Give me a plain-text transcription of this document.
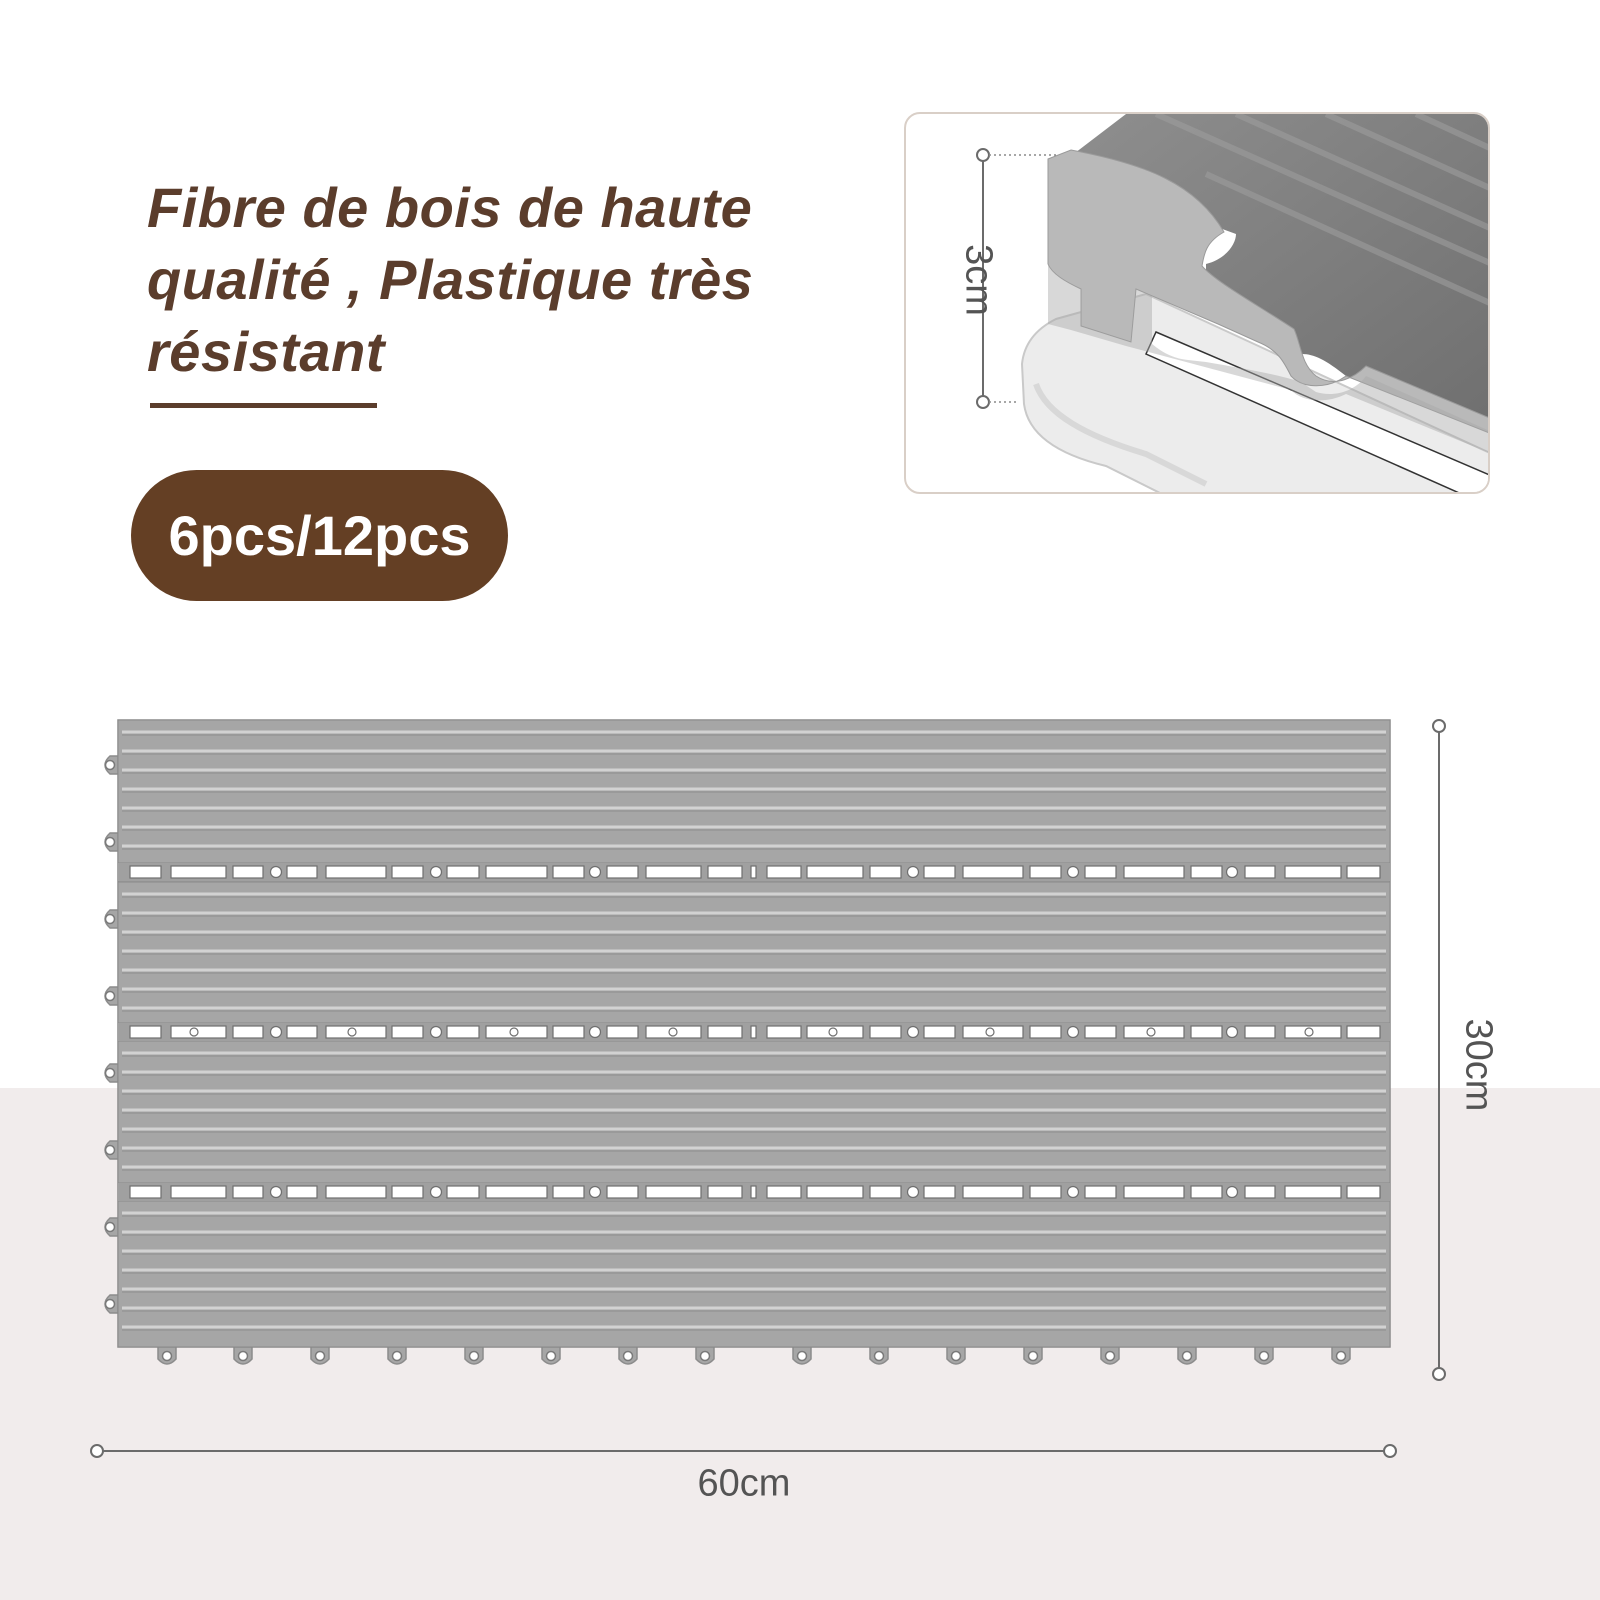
Fibre de bois de haute
qualité , Plastique très
résistant
6pcs/12pcs
3cm
30cm
60cm
